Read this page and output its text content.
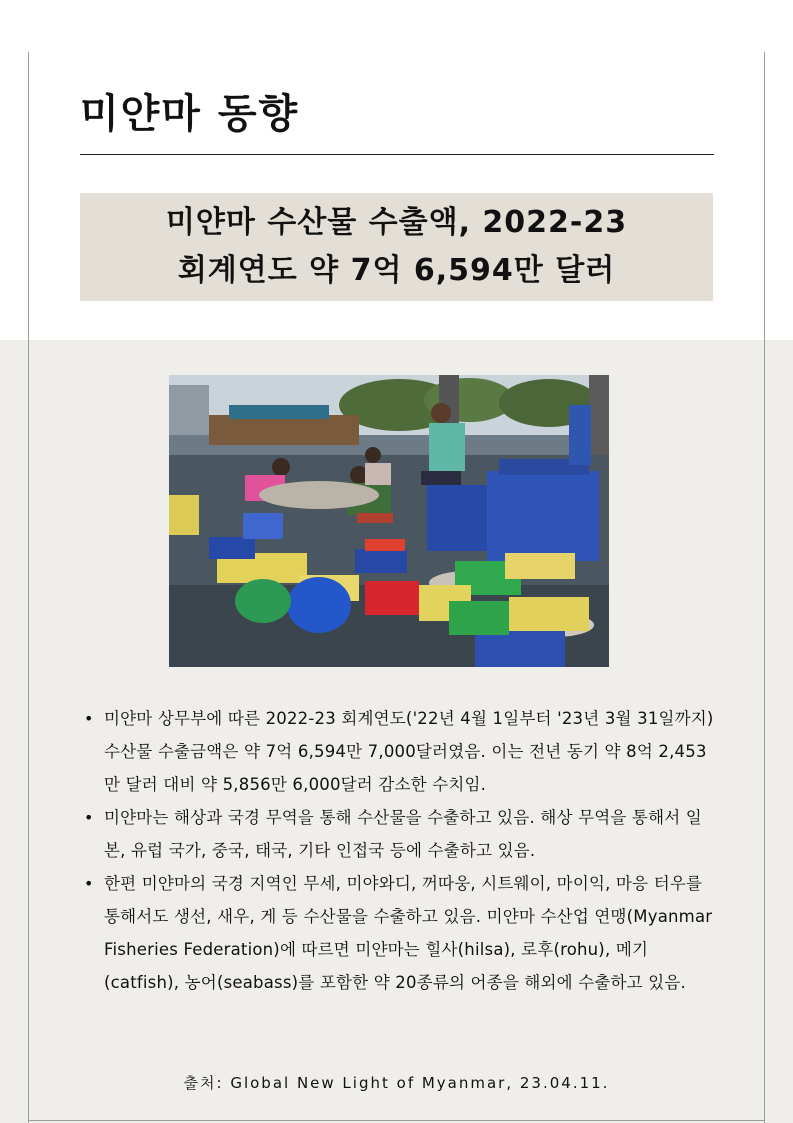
미얀마 동향
미얀마 수산물 수출액, 2022-23
회계연도 약 7억 6,594만 달러
• 미얀마 상무부에 따른 2022-23 회계연도('22년 4월 1일부터 '23년 3월 31일까지) 수산물 수출금액은 약 7억 6,594만 7,000달러였음. 이는 전년 동기 약 8억 2,453만 달러 대비 약 5,856만 6,000달러 감소한 수치임.
• 미얀마는 해상과 국경 무역을 통해 수산물을 수출하고 있음. 해상 무역을 통해서 일본, 유럽 국가, 중국, 태국, 기타 인접국 등에 수출하고 있음.
• 한편 미얀마의 국경 지역인 무세, 미야와디, 꺼따웅, 시트웨이, 마이익, 마응 터우를 통해서도 생선, 새우, 게 등 수산물을 수출하고 있음. 미얀마 수산업 연맹(Myanmar Fisheries Federation)에 따르면 미얀마는 힐사(hilsa), 로후(rohu), 메기(catfish), 농어(seabass)를 포함한 약 20종류의 어종을 해외에 수출하고 있음.
출처: Global New Light of Myanmar, 23.04.11.
